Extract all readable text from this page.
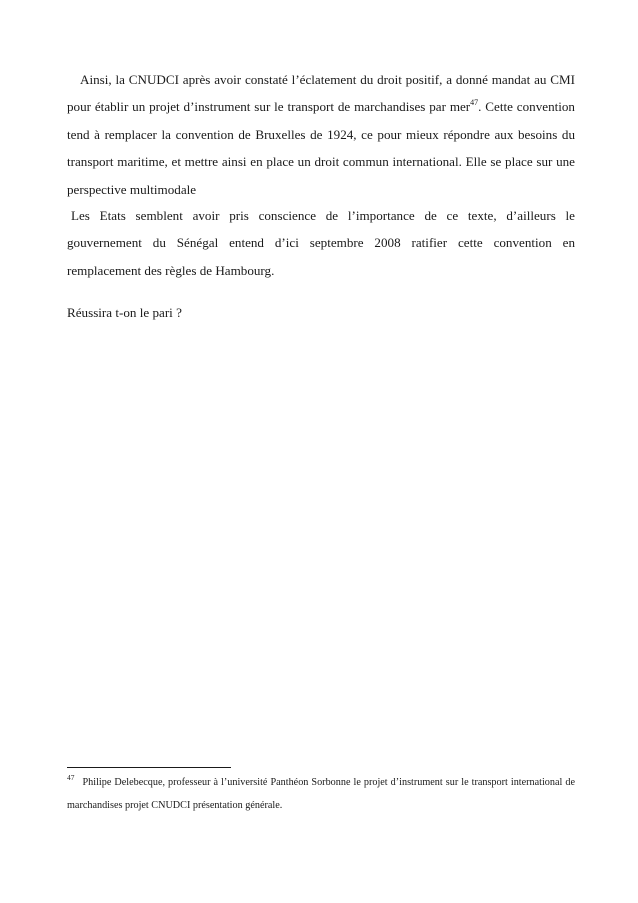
Ainsi, la CNUDCI après avoir constaté l’éclatement du droit positif, a donné mandat au CMI pour établir un projet d’instrument sur le transport de marchandises par mer$^{47}$. Cette convention tend à remplacer la convention de Bruxelles de 1924, ce pour mieux répondre aux besoins du transport maritime, et mettre ainsi en place un droit commun international. Elle se place sur une perspective multimodale

Les Etats semblent avoir pris conscience de l’importance de ce texte, d’ailleurs le gouvernement du Sénégal entend d’ici septembre 2008 ratifier cette convention en remplacement des règles de Hambourg.

Réussira t-on le pari ?

$^{47}$ Philipe Delebecque, professeur à l’université Panthéon Sorbonne le projet d’instrument sur le transport international de marchandises projet CNUDCI présentation générale.
